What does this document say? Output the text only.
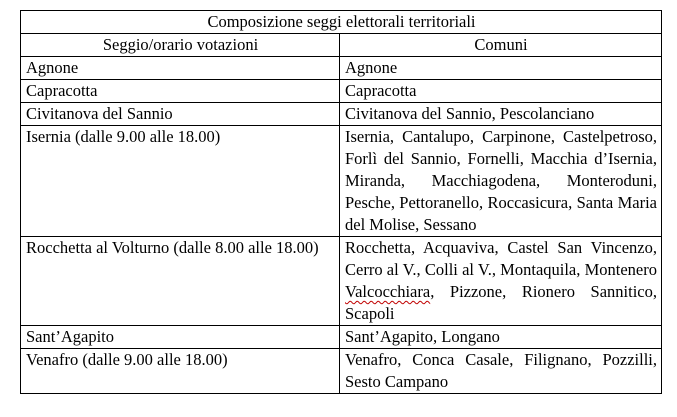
Composizione seggi elettorali territoriali	
Seggio/orario votazioni	Comuni
Agnone	Agnone
Capracotta	Capracotta
Civitanova del Sannio	Civitanova del Sannio, Pescolanciano
Isernia (dalle 9.00 alle 18.00)	Isernia, Cantalupo, Carpinone, Castelpetroso, Forlì del Sannio, Fornelli, Macchia d’Isernia, Miranda, Macchiagodena, Monteroduni, Pesche, Pettoranello, Roccasicura, Santa Maria del Molise, Sessano
Rocchetta al Volturno (dalle 8.00 alle 18.00)	Rocchetta, Acquaviva, Castel San Vincenzo, Cerro al V., Colli al V., Montaquila, Montenero Valcocchiara, Pizzone, Rionero Sannitico, Scapoli
Sant’Agapito	Sant’Agapito, Longano
Venafro (dalle 9.00 alle 18.00)	Venafro, Conca Casale, Filignano, Pozzilli, Sesto Campano
